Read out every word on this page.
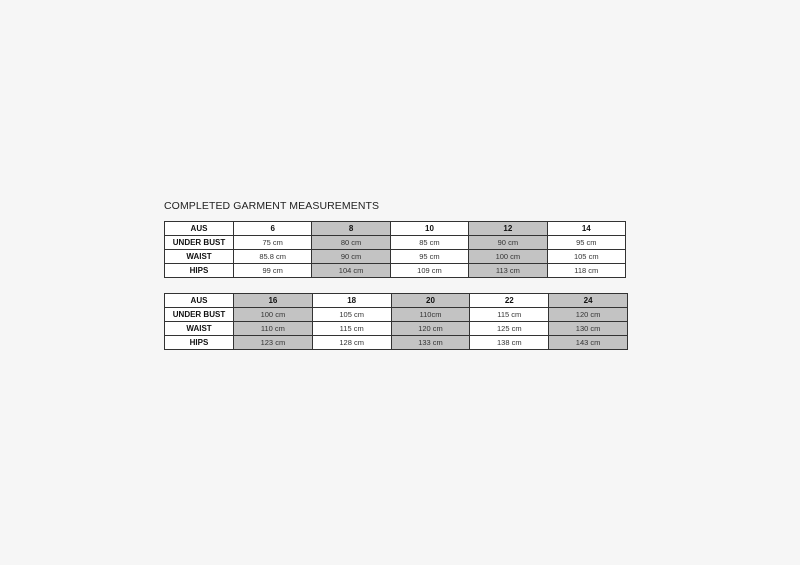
COMPLETED GARMENT MEASUREMENTS
AUS	6	8	10	12	14
UNDER BUST	75 cm	80 cm	85 cm	90 cm	95 cm
WAIST	85.8 cm	90 cm	95 cm	100 cm	105 cm
HIPS	99 cm	104 cm	109 cm	113 cm	118 cm
AUS	16	18	20	22	24
UNDER BUST	100 cm	105 cm	110cm	115 cm	120 cm
WAIST	110 cm	115 cm	120 cm	125 cm	130 cm
HIPS	123 cm	128 cm	133 cm	138 cm	143 cm
